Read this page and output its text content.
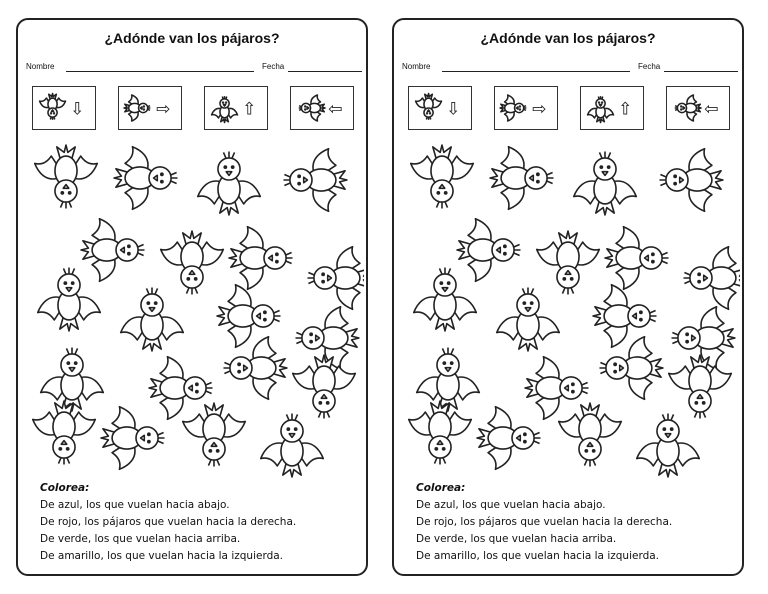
¿Adónde van los pájaros?
Nombre	Fecha
⇩	⇨	⇧	⇦
Colorea:
De azul, los que vuelan hacia abajo.
De rojo, los pájaros que vuelan hacia la derecha.
De verde, los que vuelan hacia arriba.
De amarillo, los que vuelan hacia la izquierda.
¿Adónde van los pájaros?
Nombre	Fecha
⇩	⇨	⇧	⇦
Colorea:
De azul, los que vuelan hacia abajo.
De rojo, los pájaros que vuelan hacia la derecha.
De verde, los que vuelan hacia arriba.
De amarillo, los que vuelan hacia la izquierda.
